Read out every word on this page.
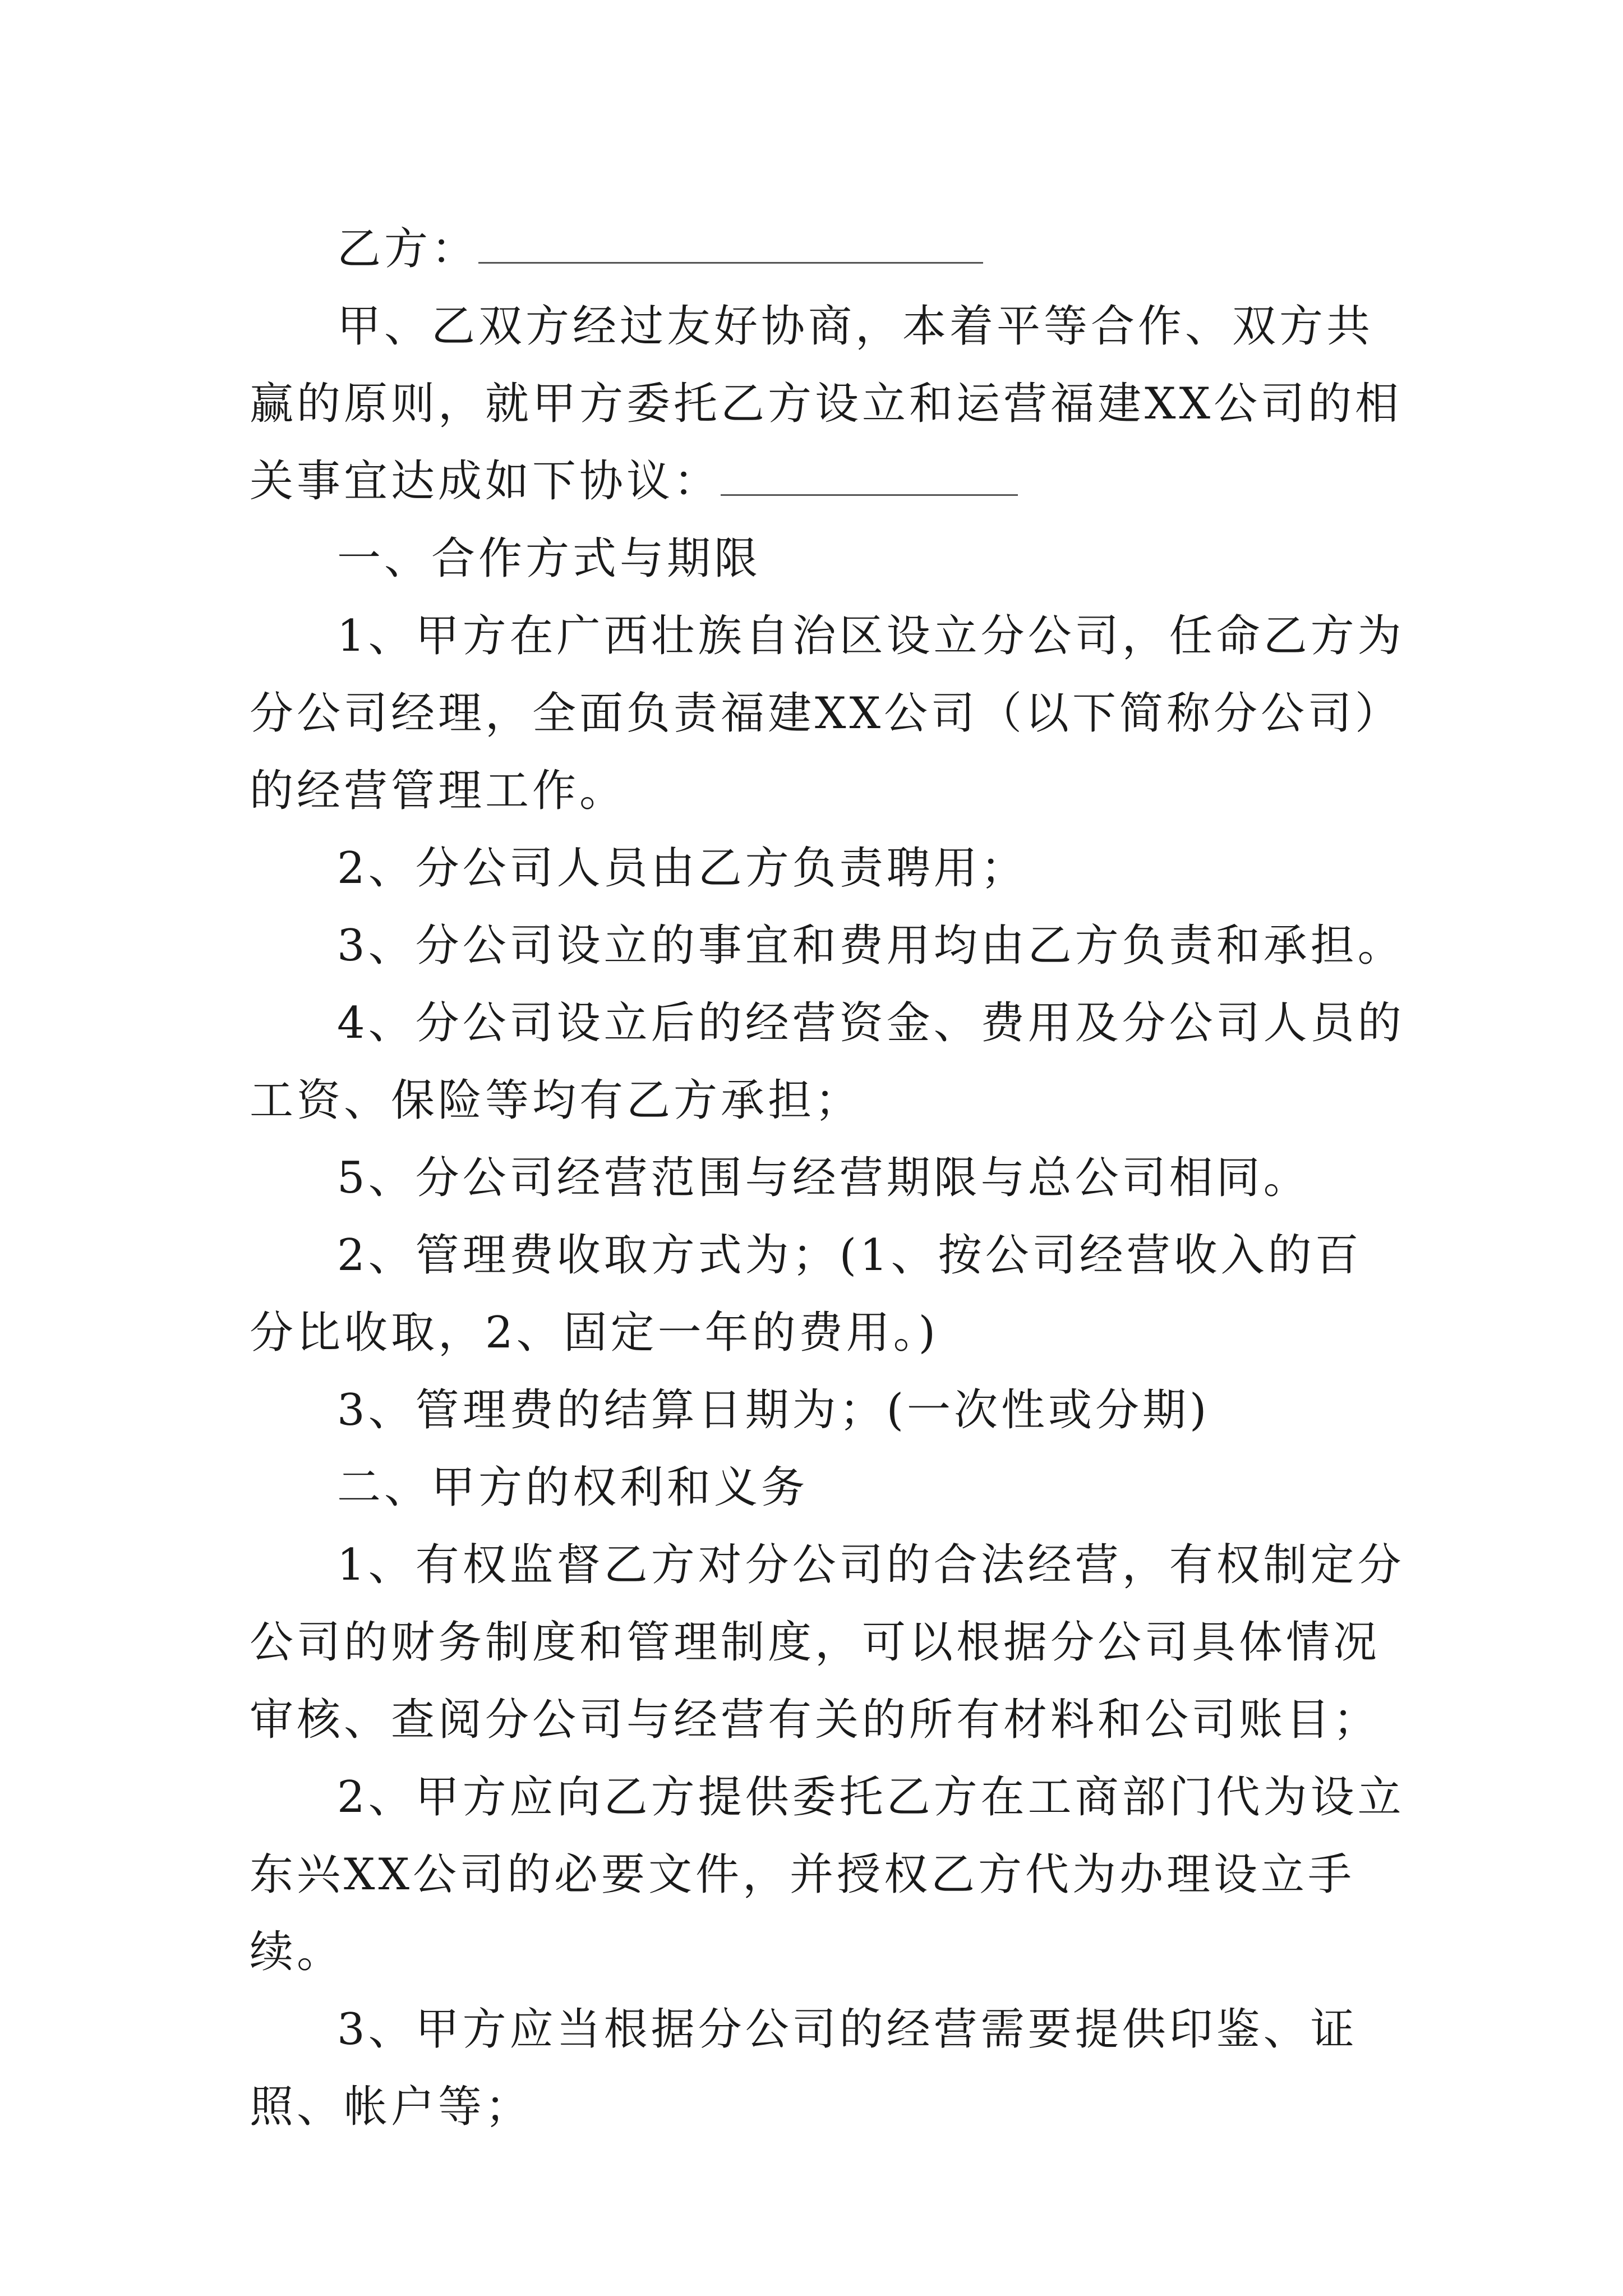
乙方：

甲、乙双方经过友好协商，本着平等合作、双方共赢的原则，就甲方委托乙方设立和运营福建XX公司的相关事宜达成如下协议：

一、合作方式与期限

1、甲方在广西壮族自治区设立分公司，任命乙方为分公司经理，全面负责福建XX公司（以下简称分公司）的经营管理工作。

2、分公司人员由乙方负责聘用；

3、分公司设立的事宜和费用均由乙方负责和承担。

4、分公司设立后的经营资金、费用及分公司人员的工资、保险等均有乙方承担；

5、分公司经营范围与经营期限与总公司相同。

2、管理费收取方式为；(1、按公司经营收入的百分比收取，2、固定一年的费用。)

3、管理费的结算日期为；(一次性或分期)

二、甲方的权利和义务

1、有权监督乙方对分公司的合法经营，有权制定分公司的财务制度和管理制度，可以根据分公司具体情况审核、查阅分公司与经营有关的所有材料和公司账目；

2、甲方应向乙方提供委托乙方在工商部门代为设立东兴XX公司的必要文件，并授权乙方代为办理设立手续。

3、甲方应当根据分公司的经营需要提供印鉴、证照、帐户等；
